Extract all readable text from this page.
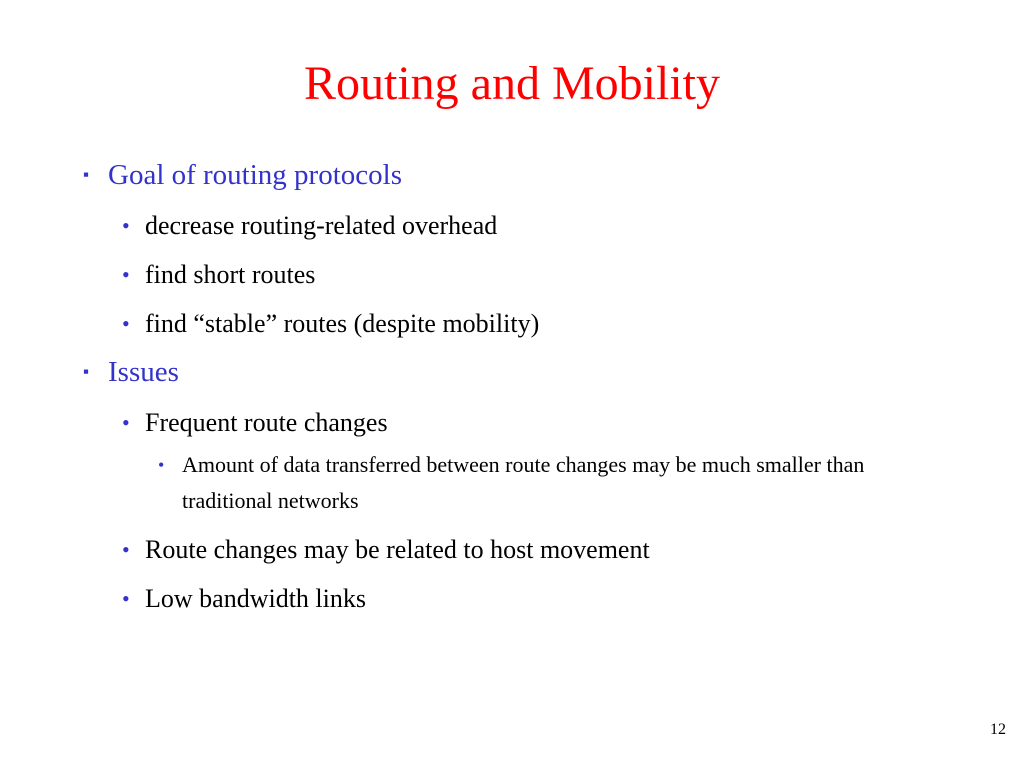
Routing and Mobility
▪ Goal of routing protocols
• decrease routing-related overhead
• find short routes
• find “stable” routes (despite mobility)
▪ Issues
• Frequent route changes
• Amount of data transferred between route changes may be much smaller than traditional networks
• Route changes may be related to host movement
• Low bandwidth links
12
